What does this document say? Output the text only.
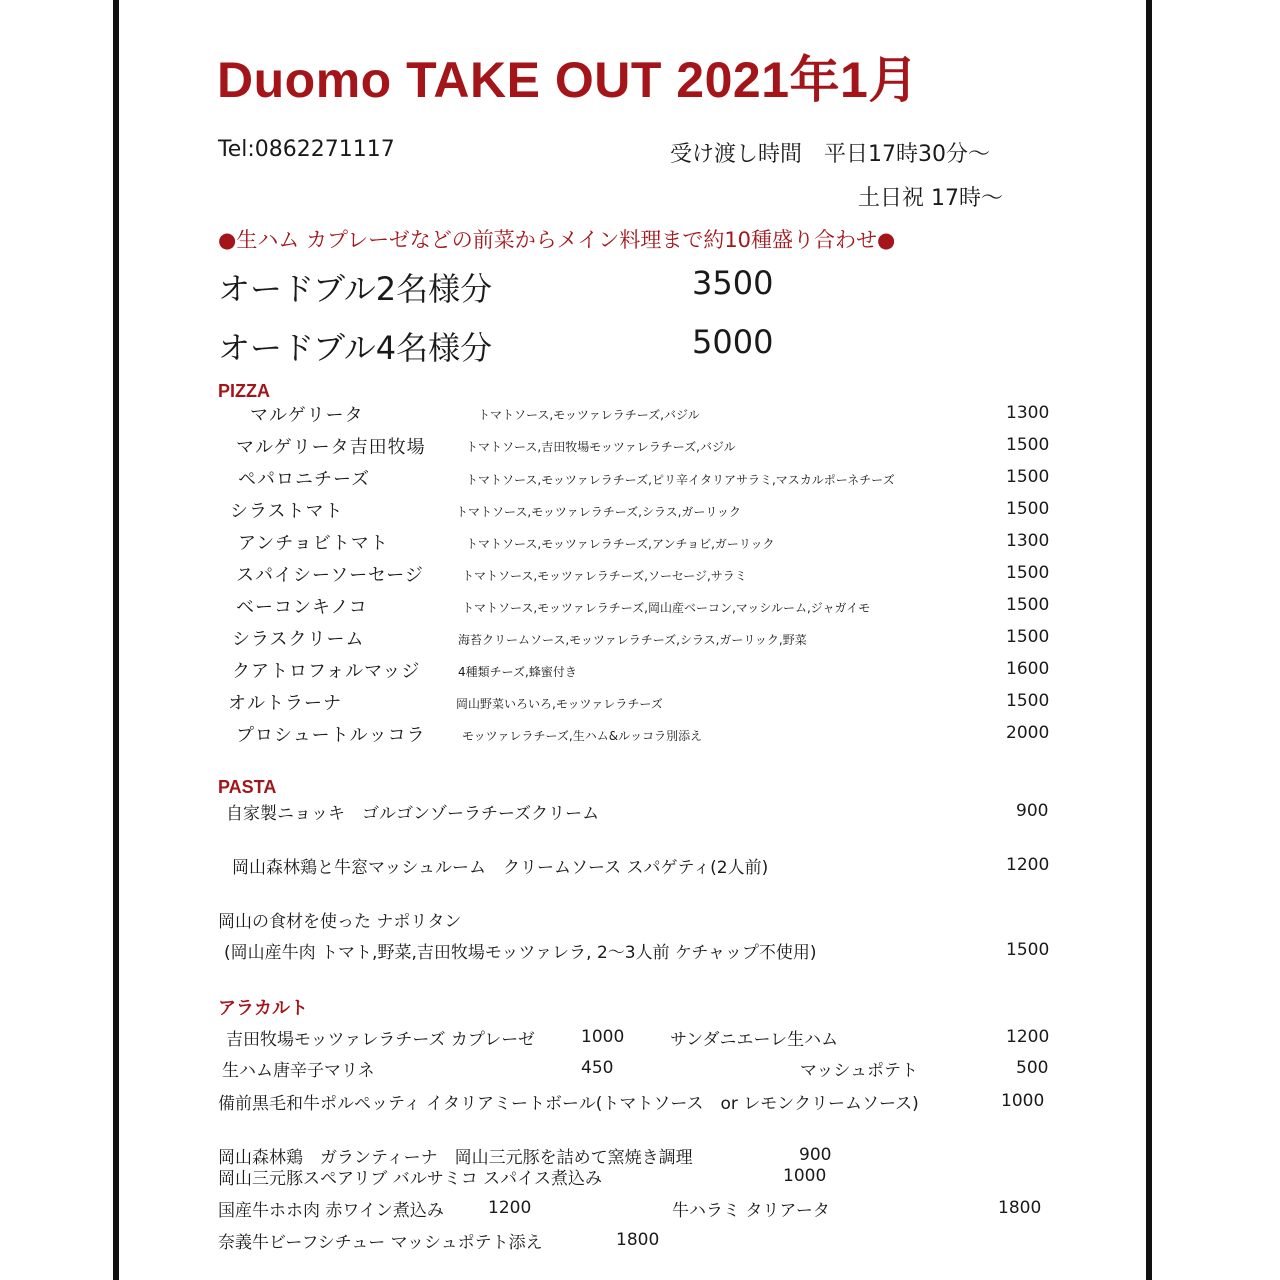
Duomo TAKE OUT 2021年1月
Tel:0862271117	受け渡し時間　平日17時30分〜
土日祝 17時〜
●生ハム カプレーゼなどの前菜からメイン料理まで約10種盛り合わせ●
オードブル2名様分	3500
オードブル4名様分	5000
PIZZA
マルゲリータ	トマトソース,モッツァレラチーズ,バジル	1300
マルゲリータ吉田牧場	トマトソース,吉田牧場モッツァレラチーズ,バジル	1500
ペパロニチーズ	トマトソース,モッツァレラチーズ,ピリ辛イタリアサラミ,マスカルポーネチーズ	1500
シラストマト	トマトソース,モッツァレラチーズ,シラス,ガーリック	1500
アンチョビトマト	トマトソース,モッツァレラチーズ,アンチョビ,ガーリック	1300
スパイシーソーセージ	トマトソース,モッツァレラチーズ,ソーセージ,サラミ	1500
ベーコンキノコ	トマトソース,モッツァレラチーズ,岡山産ベーコン,マッシルーム,ジャガイモ	1500
シラスクリーム	海苔クリームソース,モッツァレラチーズ,シラス,ガーリック,野菜	1500
クアトロフォルマッジ	4種類チーズ,蜂蜜付き	1600
オルトラーナ	岡山野菜いろいろ,モッツァレラチーズ	1500
プロシュートルッコラ	モッツァレラチーズ,生ハム&ルッコラ別添え	2000
PASTA
自家製ニョッキ　ゴルゴンゾーラチーズクリーム	900
岡山森林鶏と牛窓マッシュルーム　クリームソース スパゲティ(2人前)	1200
岡山の食材を使った ナポリタン
(岡山産牛肉 トマト,野菜,吉田牧場モッツァレラ, 2〜3人前 ケチャップ不使用)	1500
アラカルト
吉田牧場モッツァレラチーズ カプレーゼ	1000	サンダニエーレ生ハム	1200
生ハム唐辛子マリネ	450	マッシュポテト	500
備前黒毛和牛ポルペッティ イタリアミートボール(トマトソース　or レモンクリームソース)	1000
岡山森林鶏　ガランティーナ　岡山三元豚を詰めて窯焼き調理	900
岡山三元豚スペアリブ バルサミコ スパイス煮込み	1000
国産牛ホホ肉 赤ワイン煮込み	1200	牛ハラミ タリアータ	1800
奈義牛ビーフシチュー マッシュポテト添え	1800
